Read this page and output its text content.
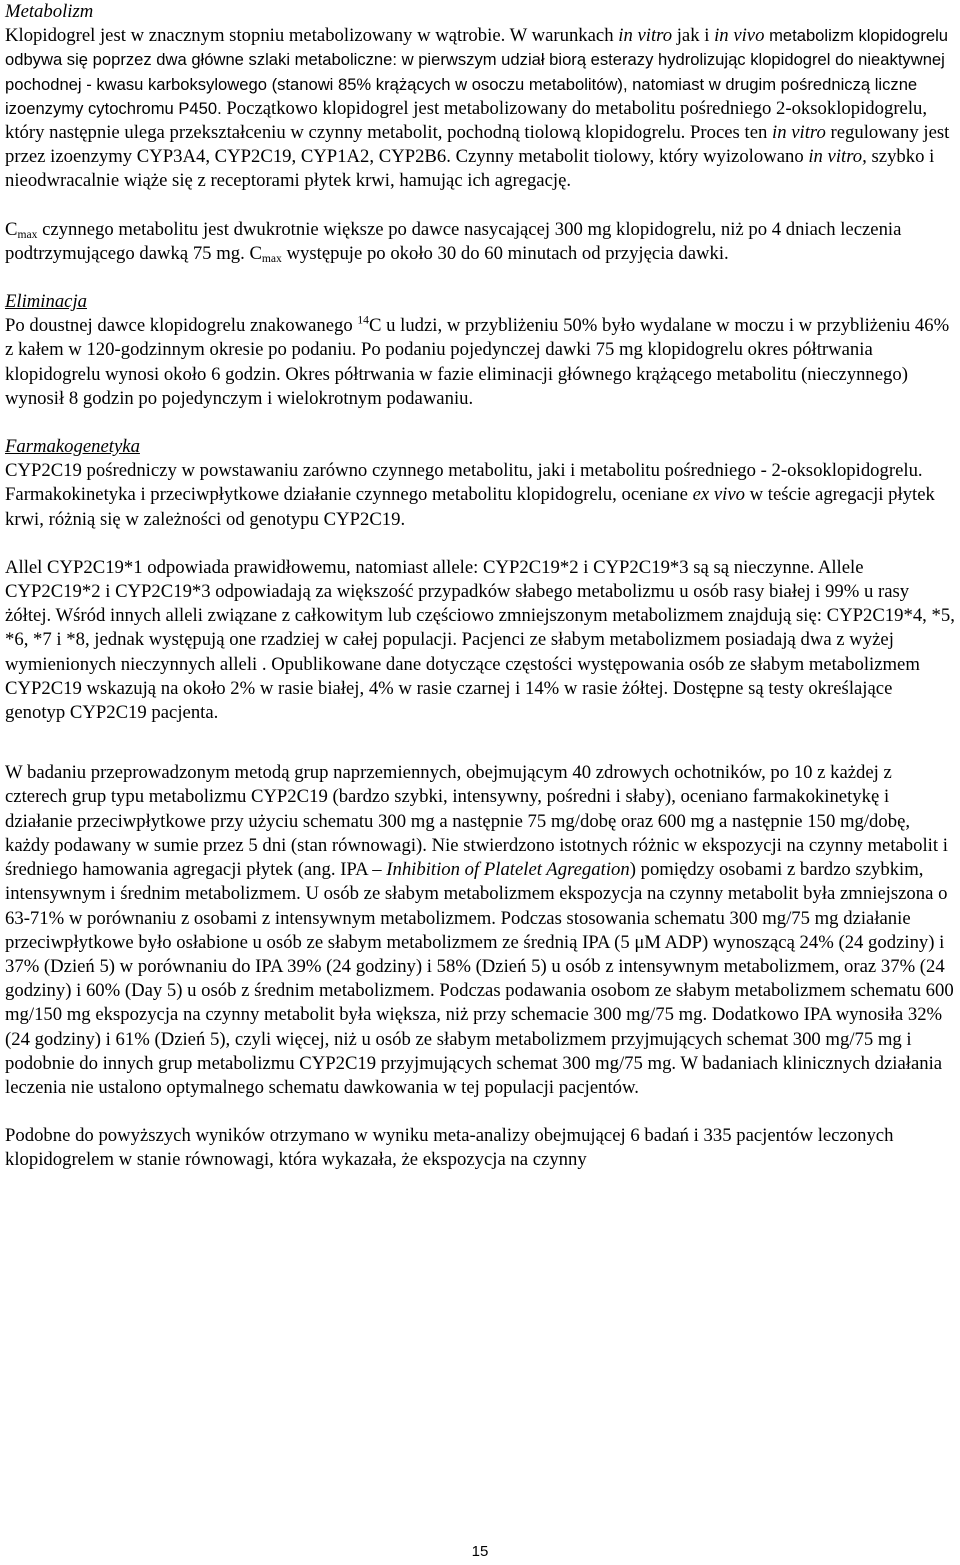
Metabolizm

Klopidogrel jest w znacznym stopniu metabolizowany w wątrobie. W warunkach in vitro jak i in vivo metabolizm klopidogrelu odbywa się poprzez dwa główne szlaki metaboliczne: w pierwszym udział biorą esterazy hydrolizując klopidogrel do nieaktywnej pochodnej - kwasu karboksylowego (stanowi 85% krążących w osoczu metabolitów), natomiast w drugim pośredniczą liczne izoenzymy cytochromu P450. Początkowo klopidogrel jest metabolizowany do metabolitu pośredniego 2-oksoklopidogrelu, który następnie ulega przekształceniu w czynny metabolit, pochodną tiolową klopidogrelu. Proces ten in vitro regulowany jest przez izoenzymy CYP3A4, CYP2C19, CYP1A2, CYP2B6. Czynny metabolit tiolowy, który wyizolowano in vitro, szybko i nieodwracalnie wiąże się z receptorami płytek krwi, hamując ich agregację.

$C_{max}$ czynnego metabolitu jest dwukrotnie większe po dawce nasycającej 300 mg klopidogrelu, niż po 4 dniach leczenia podtrzymującego dawką 75 mg. $C_{max}$ występuje po około 30 do 60 minutach od przyjęcia dawki.

Eliminacja

Po doustnej dawce klopidogrelu znakowanego $^{14}$C u ludzi, w przybliżeniu 50% było wydalane w moczu i w przybliżeniu 46% z kałem w 120-godzinnym okresie po podaniu. Po podaniu pojedynczej dawki 75 mg klopidogrelu okres półtrwania klopidogrelu wynosi około 6 godzin. Okres półtrwania w fazie eliminacji głównego krążącego metabolitu (nieczynnego) wynosił 8 godzin po pojedynczym i wielokrotnym podawaniu.

Farmakogenetyka

CYP2C19 pośredniczy w powstawaniu zarówno czynnego metabolitu, jaki i metabolitu pośredniego - 2-oksoklopidogrelu. Farmakokinetyka i przeciwpłytkowe działanie czynnego metabolitu klopidogrelu, oceniane ex vivo w teście agregacji płytek krwi, różnią się w zależności od genotypu CYP2C19.

Allel CYP2C19*1 odpowiada prawidłowemu, natomiast allele: CYP2C19*2 i CYP2C19*3 są są nieczynne. Allele CYP2C19*2 i CYP2C19*3 odpowiadają za większość przypadków słabego metabolizmu u osób rasy białej i 99% u rasy żółtej. Wśród innych alleli związane z całkowitym lub częściowo zmniejszonym metabolizmem znajdują się: CYP2C19*4, *5, *6, *7 i *8, jednak występują one rzadziej w całej populacji. Pacjenci ze słabym metabolizmem posiadają dwa z wyżej wymienionych nieczynnych alleli . Opublikowane dane dotyczące częstości występowania osób ze słabym metabolizmem CYP2C19 wskazują na około 2% w rasie białej, 4% w rasie czarnej i 14% w rasie żółtej. Dostępne są testy określające genotyp CYP2C19 pacjenta.

W badaniu przeprowadzonym metodą grup naprzemiennych, obejmującym 40 zdrowych ochotników, po 10 z każdej z czterech grup typu metabolizmu CYP2C19 (bardzo szybki, intensywny, pośredni i słaby), oceniano farmakokinetykę i działanie przeciwpłytkowe przy użyciu schematu 300 mg a następnie 75 mg/dobę oraz 600 mg a następnie 150 mg/dobę, każdy podawany w sumie przez 5 dni (stan równowagi). Nie stwierdzono istotnych różnic w ekspozycji na czynny metabolit i średniego hamowania agregacji płytek (ang. IPA – Inhibition of Platelet Agregation) pomiędzy osobami z bardzo szybkim, intensywnym i średnim metabolizmem. U osób ze słabym metabolizmem ekspozycja na czynny metabolit była zmniejszona o 63-71% w porównaniu z osobami z intensywnym metabolizmem. Podczas stosowania schematu 300 mg/75 mg działanie przeciwpłytkowe było osłabione u osób ze słabym metabolizmem ze średnią IPA (5 μM ADP) wynoszącą 24% (24 godziny) i 37% (Dzień 5) w porównaniu do IPA 39% (24 godziny) i 58% (Dzień 5) u osób z intensywnym metabolizmem, oraz 37% (24 godziny) i 60% (Day 5) u osób z średnim metabolizmem. Podczas podawania osobom ze słabym metabolizmem schematu 600 mg/150 mg ekspozycja na czynny metabolit była większa, niż przy schemacie 300 mg/75 mg. Dodatkowo IPA wynosiła 32% (24 godziny) i 61% (Dzień 5), czyli więcej, niż u osób ze słabym metabolizmem przyjmujących schemat 300 mg/75 mg i podobnie do innych grup metabolizmu CYP2C19 przyjmujących schemat 300 mg/75 mg. W badaniach klinicznych działania leczenia nie ustalono optymalnego schematu dawkowania w tej populacji pacjentów.

Podobne do powyższych wyników otrzymano w wyniku meta-analizy obejmującej 6 badań i 335 pacjentów leczonych klopidogrelem w stanie równowagi, która wykazała, że ekspozycja na czynny

15
